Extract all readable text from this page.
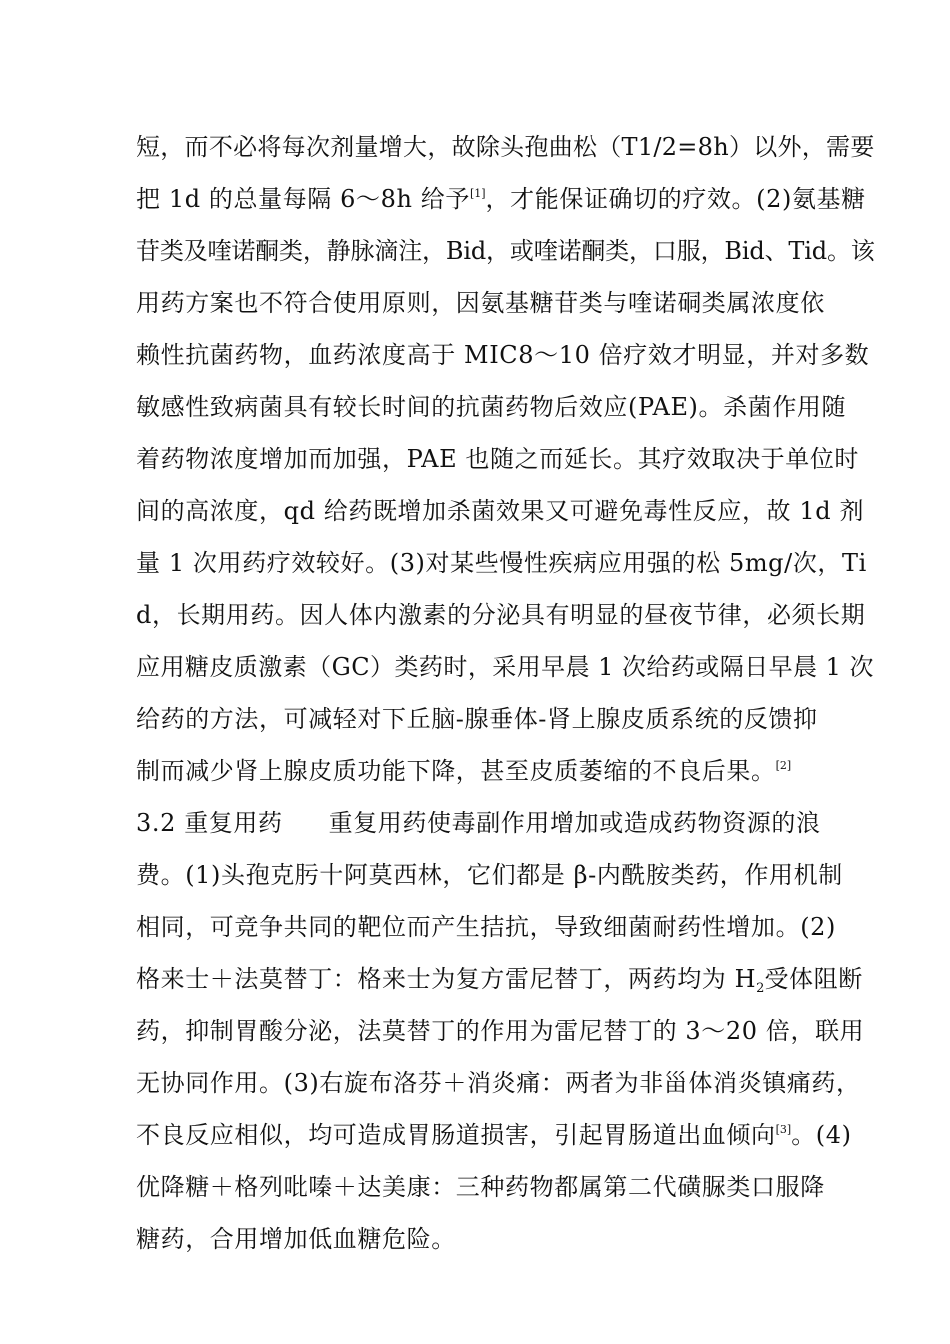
短，而不必将每次剂量增大，故除头孢曲松（T1/2=8h）以外，需要
把 1d 的总量每隔 6～8h 给予[1]，才能保证确切的疗效。(2)氨基糖
苷类及喹诺酮类，静脉滴注，Bid，或喹诺酮类，口服，Bid、Tid。该
用药方案也不符合使用原则，因氨基糖苷类与喹诺硐类属浓度依
赖性抗菌药物，血药浓度高于 MIC8～10 倍疗效才明显，并对多数
敏感性致病菌具有较长时间的抗菌药物后效应(PAE)。杀菌作用随
着药物浓度增加而加强，PAE 也随之而延长。其疗效取决于单位时
间的高浓度，qd 给药既增加杀菌效果又可避免毒性反应，故 1d 剂
量 1 次用药疗效较好。(3)对某些慢性疾病应用强的松 5mg/次，Ti
d，长期用药。因人体内激素的分泌具有明显的昼夜节律，必须长期
应用糖皮质激素（GC）类药时，采用早晨 1 次给药或隔日早晨 1 次
给药的方法，可减轻对下丘脑-腺垂体-肾上腺皮质系统的反馈抑
制而减少肾上腺皮质功能下降，甚至皮质萎缩的不良后果。[2]
3.2 重复用药 重复用药使毒副作用增加或造成药物资源的浪
费。(1)头孢克肟十阿莫西林，它们都是 β-内酰胺类药，作用机制
相同，可竞争共同的靶位而产生拮抗，导致细菌耐药性增加。(2)
格来士＋法莫替丁：格来士为复方雷尼替丁，两药均为 $H_2$受体阻断
药，抑制胃酸分泌，法莫替丁的作用为雷尼替丁的 3～20 倍，联用
无协同作用。(3)右旋布洛芬＋消炎痛：两者为非甾体消炎镇痛药，
不良反应相似，均可造成胃肠道损害，引起胃肠道出血倾向[3]。(4)
优降糖＋格列吡嗪＋达美康：三种药物都属第二代磺脲类口服降
糖药，合用增加低血糖危险。
